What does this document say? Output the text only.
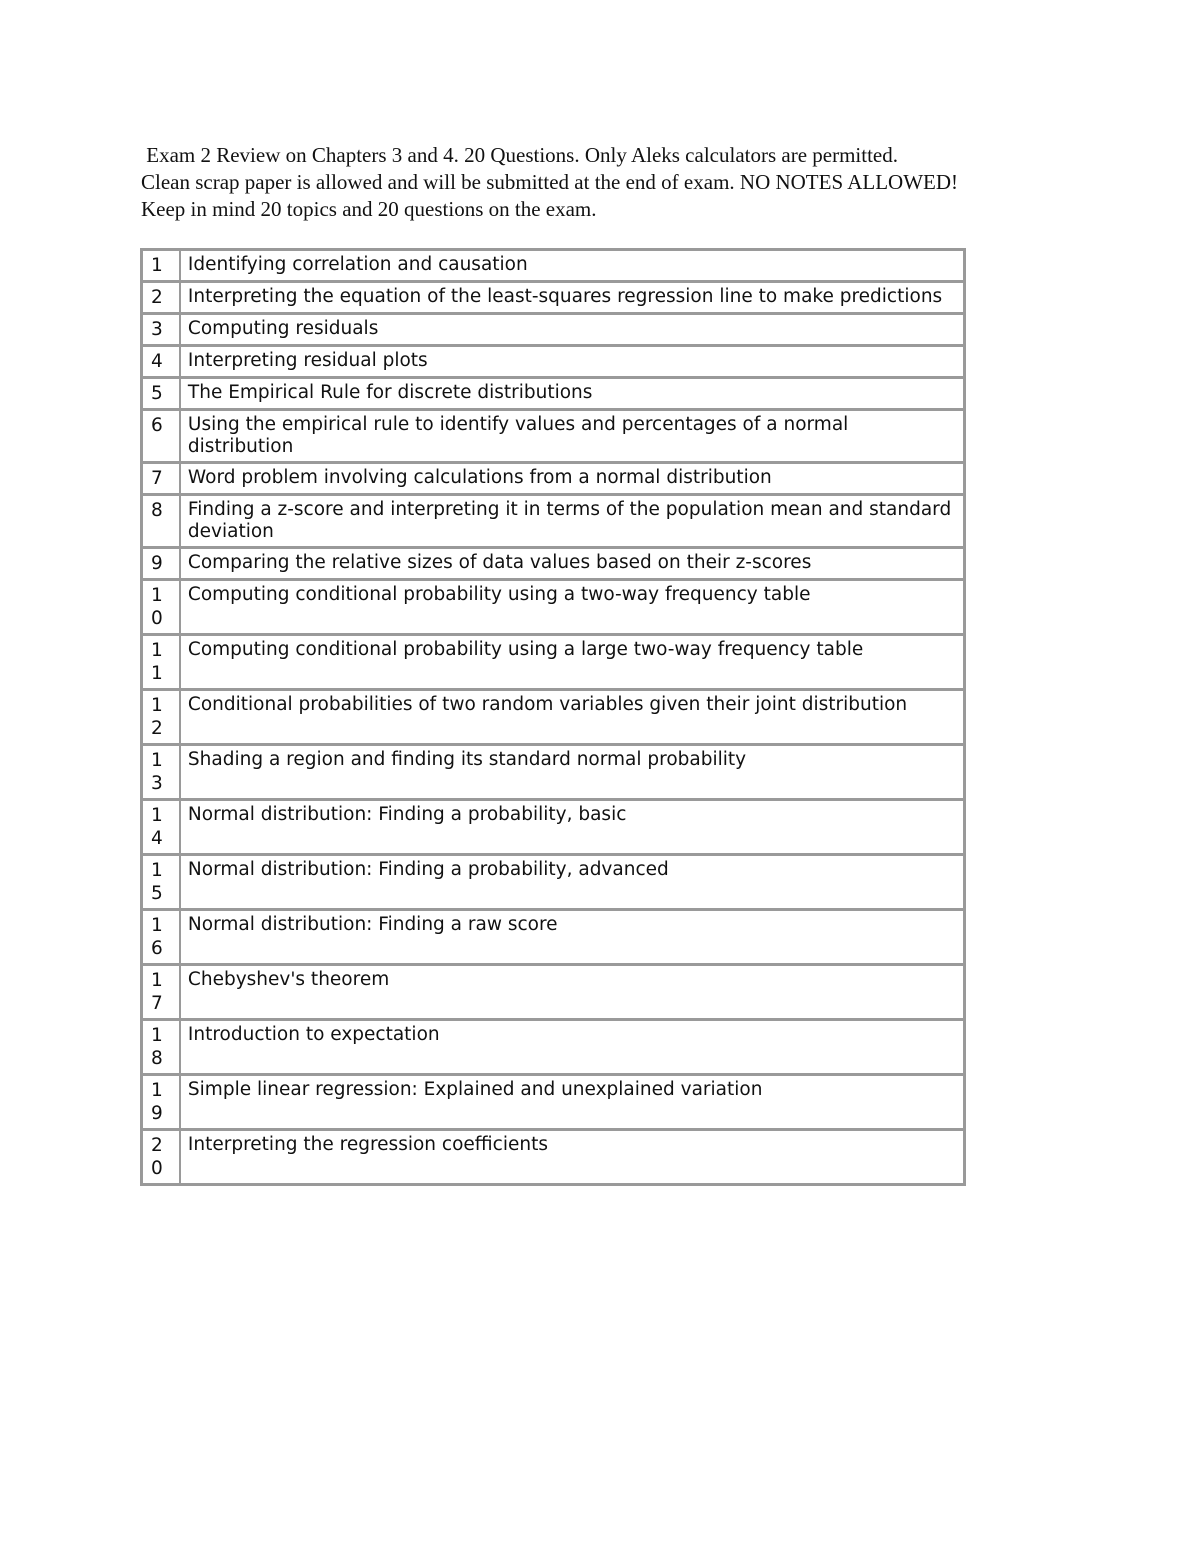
Exam 2 Review on Chapters 3 and 4. 20 Questions. Only Aleks calculators are permitted.
Clean scrap paper is allowed and will be submitted at the end of exam. NO NOTES ALLOWED!
Keep in mind 20 topics and 20 questions on the exam.
1	Identifying correlation and causation

2	Interpreting the equation of the least-squares regression line to make predictions

3	Computing residuals

4	Interpreting residual plots

5	The Empirical Rule for discrete distributions

6	Using the empirical rule to identify values and percentages of a normal distribution

7	Word problem involving calculations from a normal distribution

8	Finding a z-score and interpreting it in terms of the population mean and standard deviation

9	Comparing the relative sizes of data values based on their z-scores

10	Computing conditional probability using a two-way frequency table

11	Computing conditional probability using a large two-way frequency table

12	Conditional probabilities of two random variables given their joint distribution

13	Shading a region and finding its standard normal probability

14	Normal distribution: Finding a probability, basic

15	Normal distribution: Finding a probability, advanced

16	Normal distribution: Finding a raw score

17	Chebyshev's theorem

18	Introduction to expectation

19	Simple linear regression: Explained and unexplained variation

20	Interpreting the regression coefficients
